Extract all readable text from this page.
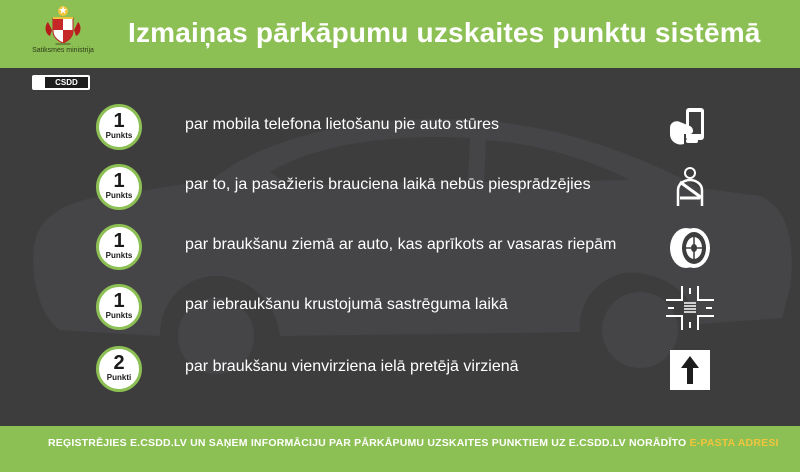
Satiksmes ministrija
Izmaiņas pārkāpumu uzskaites punktu sistēmā
CSDD
1
Punkts
par mobila telefona lietošanu pie auto stūres
1
Punkts
par to, ja pasažieris brauciena laikā nebūs piesprādzējies
1
Punkts
par braukšanu ziemā ar auto, kas aprīkots ar vasaras riepām
1
Punkts
par iebraukšanu krustojumā sastrēguma laikā
2
Punkti
par braukšanu vienvirziena ielā pretējā virzienā
REĢISTRĒJIES E.CSDD.LV UN SAŅEM INFORMĀCIJU PAR PĀRKĀPUMU UZSKAITES PUNKTIEM UZ E.CSDD.LV NORĀDĪTO E-PASTA ADRESI
